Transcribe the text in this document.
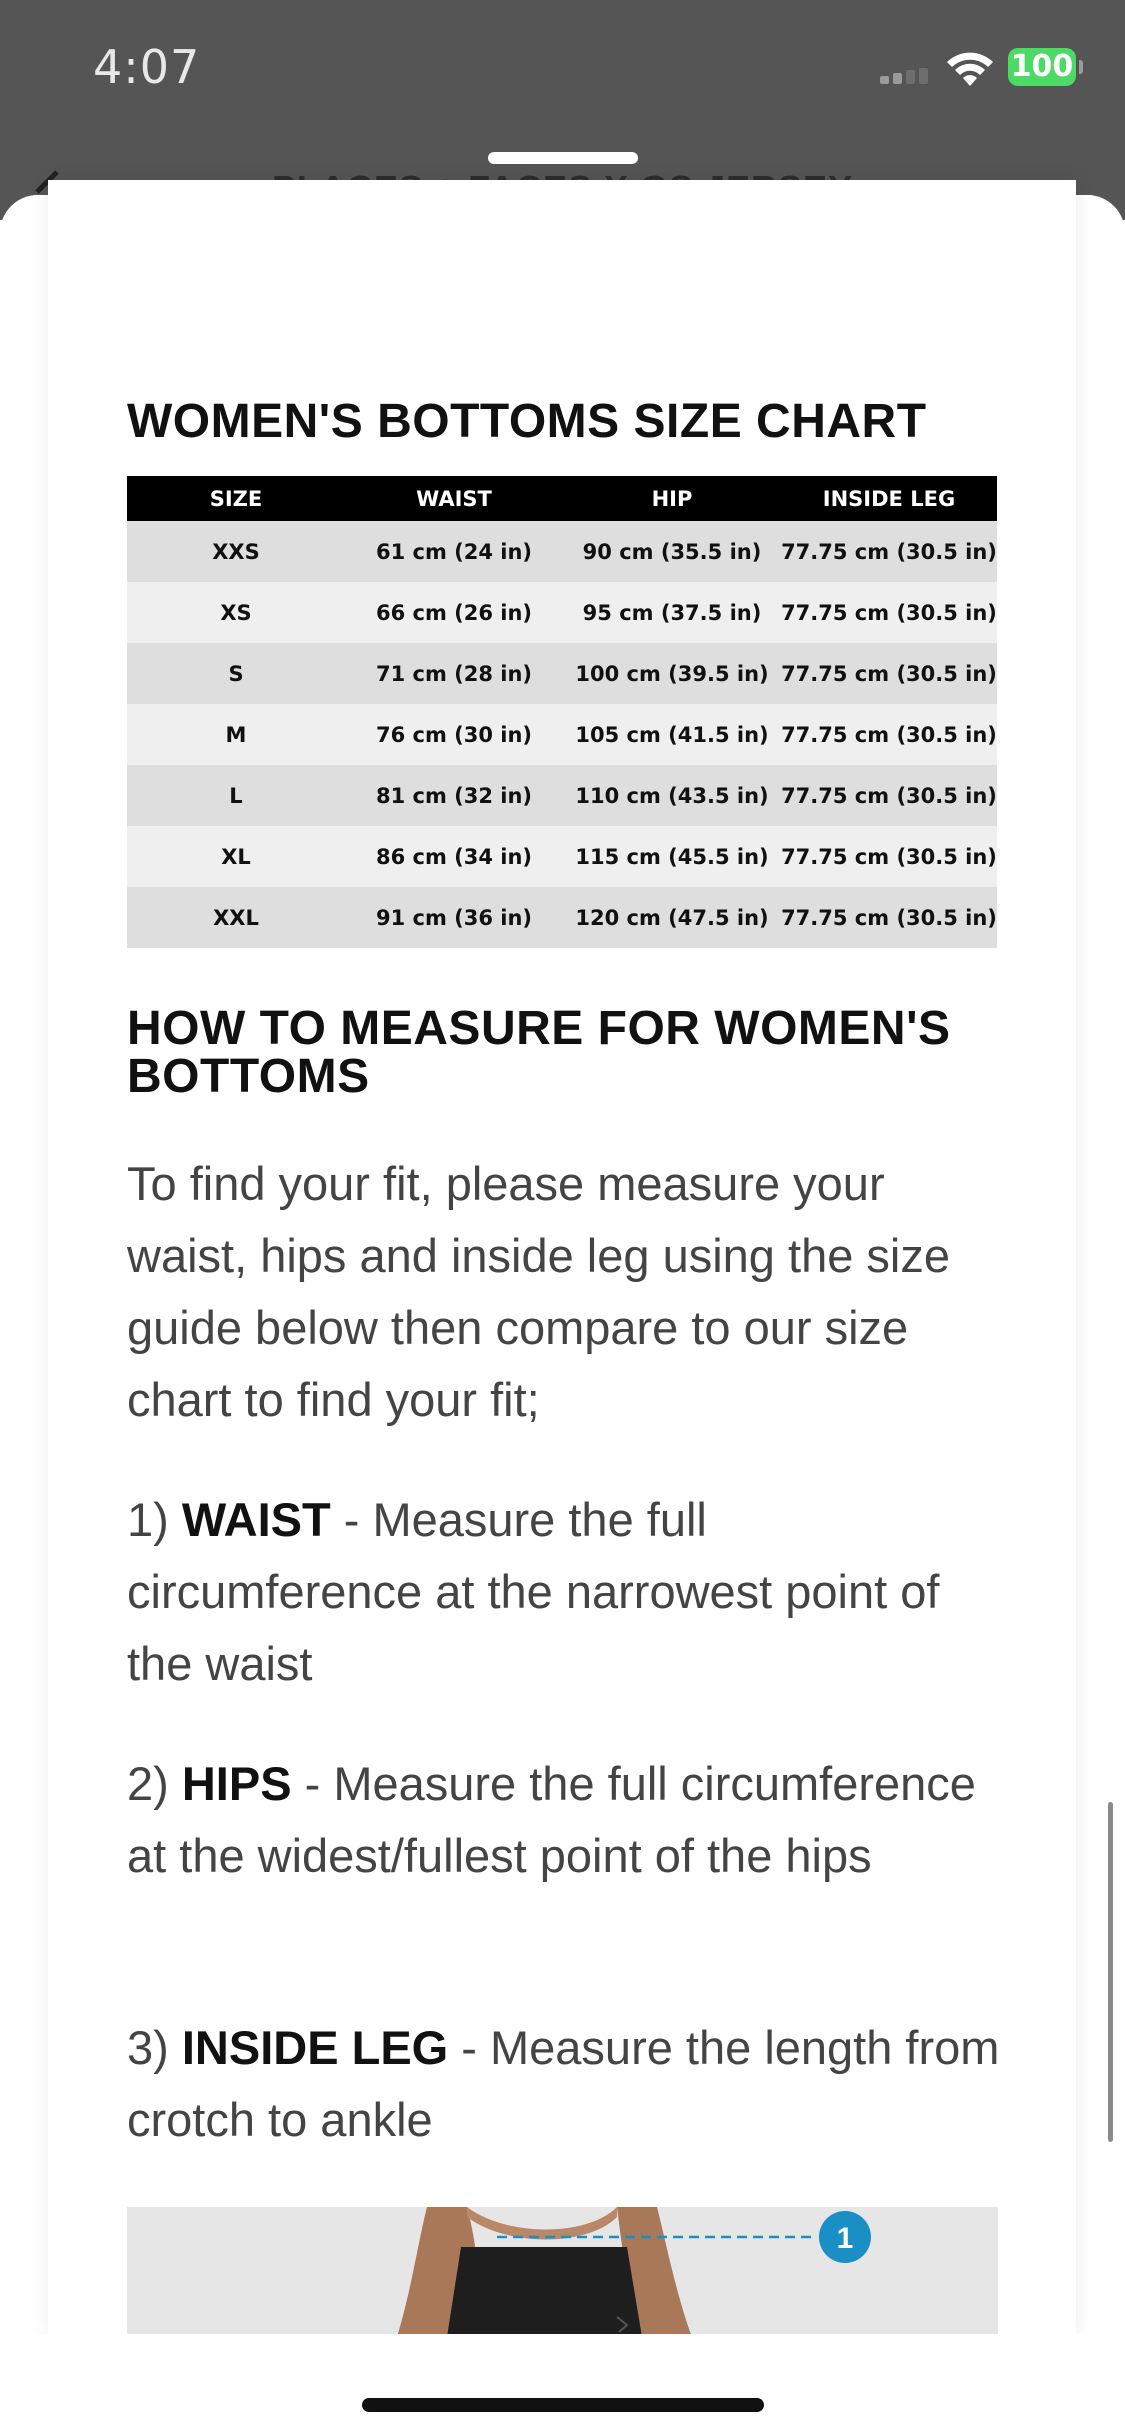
4:07	100
WOMEN'S BOTTOMS SIZE CHART
SIZE	WAIST	HIP	INSIDE LEG
XXS	61 cm (24 in)	90 cm (35.5 in)	77.75 cm (30.5 in)
XS	66 cm (26 in)	95 cm (37.5 in)	77.75 cm (30.5 in)
S	71 cm (28 in)	100 cm (39.5 in)	77.75 cm (30.5 in)
M	76 cm (30 in)	105 cm (41.5 in)	77.75 cm (30.5 in)
L	81 cm (32 in)	110 cm (43.5 in)	77.75 cm (30.5 in)
XL	86 cm (34 in)	115 cm (45.5 in)	77.75 cm (30.5 in)
XXL	91 cm (36 in)	120 cm (47.5 in)	77.75 cm (30.5 in)
HOW TO MEASURE FOR WOMEN'S BOTTOMS
To find your fit, please measure your waist, hips and inside leg using the size guide below then compare to our size chart to find your fit;
1) WAIST - Measure the full circumference at the narrowest point of the waist
2) HIPS - Measure the full circumference at the widest/fullest point of the hips
3) INSIDE LEG - Measure the length from crotch to ankle
1
